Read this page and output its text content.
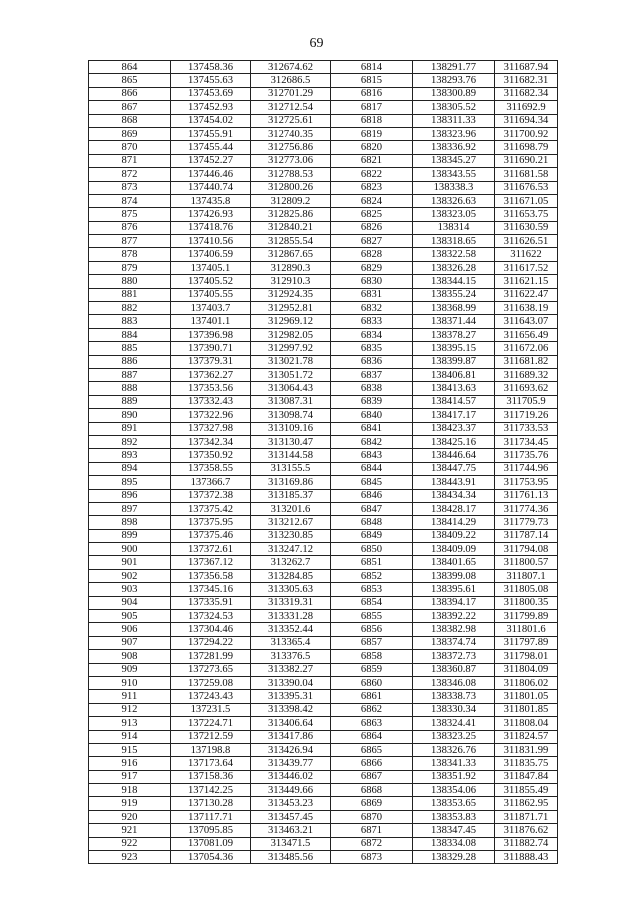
69
864	137458.36	312674.62	6814	138291.77	311687.94
865	137455.63	312686.5	6815	138293.76	311682.31
866	137453.69	312701.29	6816	138300.89	311682.34
867	137452.93	312712.54	6817	138305.52	311692.9
868	137454.02	312725.61	6818	138311.33	311694.34
869	137455.91	312740.35	6819	138323.96	311700.92
870	137455.44	312756.86	6820	138336.92	311698.79
871	137452.27	312773.06	6821	138345.27	311690.21
872	137446.46	312788.53	6822	138343.55	311681.58
873	137440.74	312800.26	6823	138338.3	311676.53
874	137435.8	312809.2	6824	138326.63	311671.05
875	137426.93	312825.86	6825	138323.05	311653.75
876	137418.76	312840.21	6826	138314	311630.59
877	137410.56	312855.54	6827	138318.65	311626.51
878	137406.59	312867.65	6828	138322.58	311622
879	137405.1	312890.3	6829	138326.28	311617.52
880	137405.52	312910.3	6830	138344.15	311621.15
881	137405.55	312924.35	6831	138355.24	311622.47
882	137403.7	312952.81	6832	138368.99	311638.19
883	137401.1	312969.12	6833	138371.44	311643.07
884	137396.98	312982.05	6834	138378.27	311656.49
885	137390.71	312997.92	6835	138395.15	311672.06
886	137379.31	313021.78	6836	138399.87	311681.82
887	137362.27	313051.72	6837	138406.81	311689.32
888	137353.56	313064.43	6838	138413.63	311693.62
889	137332.43	313087.31	6839	138414.57	311705.9
890	137322.96	313098.74	6840	138417.17	311719.26
891	137327.98	313109.16	6841	138423.37	311733.53
892	137342.34	313130.47	6842	138425.16	311734.45
893	137350.92	313144.58	6843	138446.64	311735.76
894	137358.55	313155.5	6844	138447.75	311744.96
895	137366.7	313169.86	6845	138443.91	311753.95
896	137372.38	313185.37	6846	138434.34	311761.13
897	137375.42	313201.6	6847	138428.17	311774.36
898	137375.95	313212.67	6848	138414.29	311779.73
899	137375.46	313230.85	6849	138409.22	311787.14
900	137372.61	313247.12	6850	138409.09	311794.08
901	137367.12	313262.7	6851	138401.65	311800.57
902	137356.58	313284.85	6852	138399.08	311807.1
903	137345.16	313305.63	6853	138395.61	311805.08
904	137335.91	313319.31	6854	138394.17	311800.35
905	137324.53	313331.28	6855	138392.22	311799.89
906	137304.46	313352.44	6856	138382.98	311801.6
907	137294.22	313365.4	6857	138374.74	311797.89
908	137281.99	313376.5	6858	138372.73	311798.01
909	137273.65	313382.27	6859	138360.87	311804.09
910	137259.08	313390.04	6860	138346.08	311806.02
911	137243.43	313395.31	6861	138338.73	311801.05
912	137231.5	313398.42	6862	138330.34	311801.85
913	137224.71	313406.64	6863	138324.41	311808.04
914	137212.59	313417.86	6864	138323.25	311824.57
915	137198.8	313426.94	6865	138326.76	311831.99
916	137173.64	313439.77	6866	138341.33	311835.75
917	137158.36	313446.02	6867	138351.92	311847.84
918	137142.25	313449.66	6868	138354.06	311855.49
919	137130.28	313453.23	6869	138353.65	311862.95
920	137117.71	313457.45	6870	138353.83	311871.71
921	137095.85	313463.21	6871	138347.45	311876.62
922	137081.09	313471.5	6872	138334.08	311882.74
923	137054.36	313485.56	6873	138329.28	311888.43
